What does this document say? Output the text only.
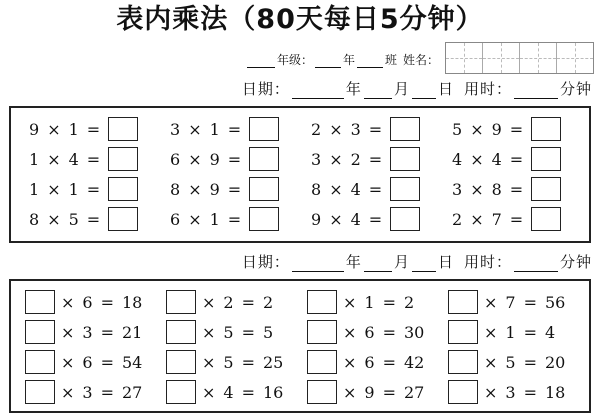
表内乘法（80天每日5分钟）
年级：	年	班 姓名：
日期：	年 月 日 用时：	分钟
9 × 1 =	3 × 1 =	2 × 3 =	5 × 9 =
1 × 4 =	6 × 9 =	3 × 2 =	4 × 4 =
1 × 1 =	8 × 9 =	8 × 4 =	3 × 8 =
8 × 5 =	6 × 1 =	9 × 4 =	2 × 7 =
日期：	年 月 日 用时：	分钟
× 6 = 18	× 2 = 2	× 1 = 2	× 7 = 56
× 3 = 21	× 5 = 5	× 6 = 30	× 1 = 4
× 6 = 54	× 5 = 25	× 6 = 42	× 5 = 20
× 3 = 27	× 4 = 16	× 9 = 27	× 3 = 18
